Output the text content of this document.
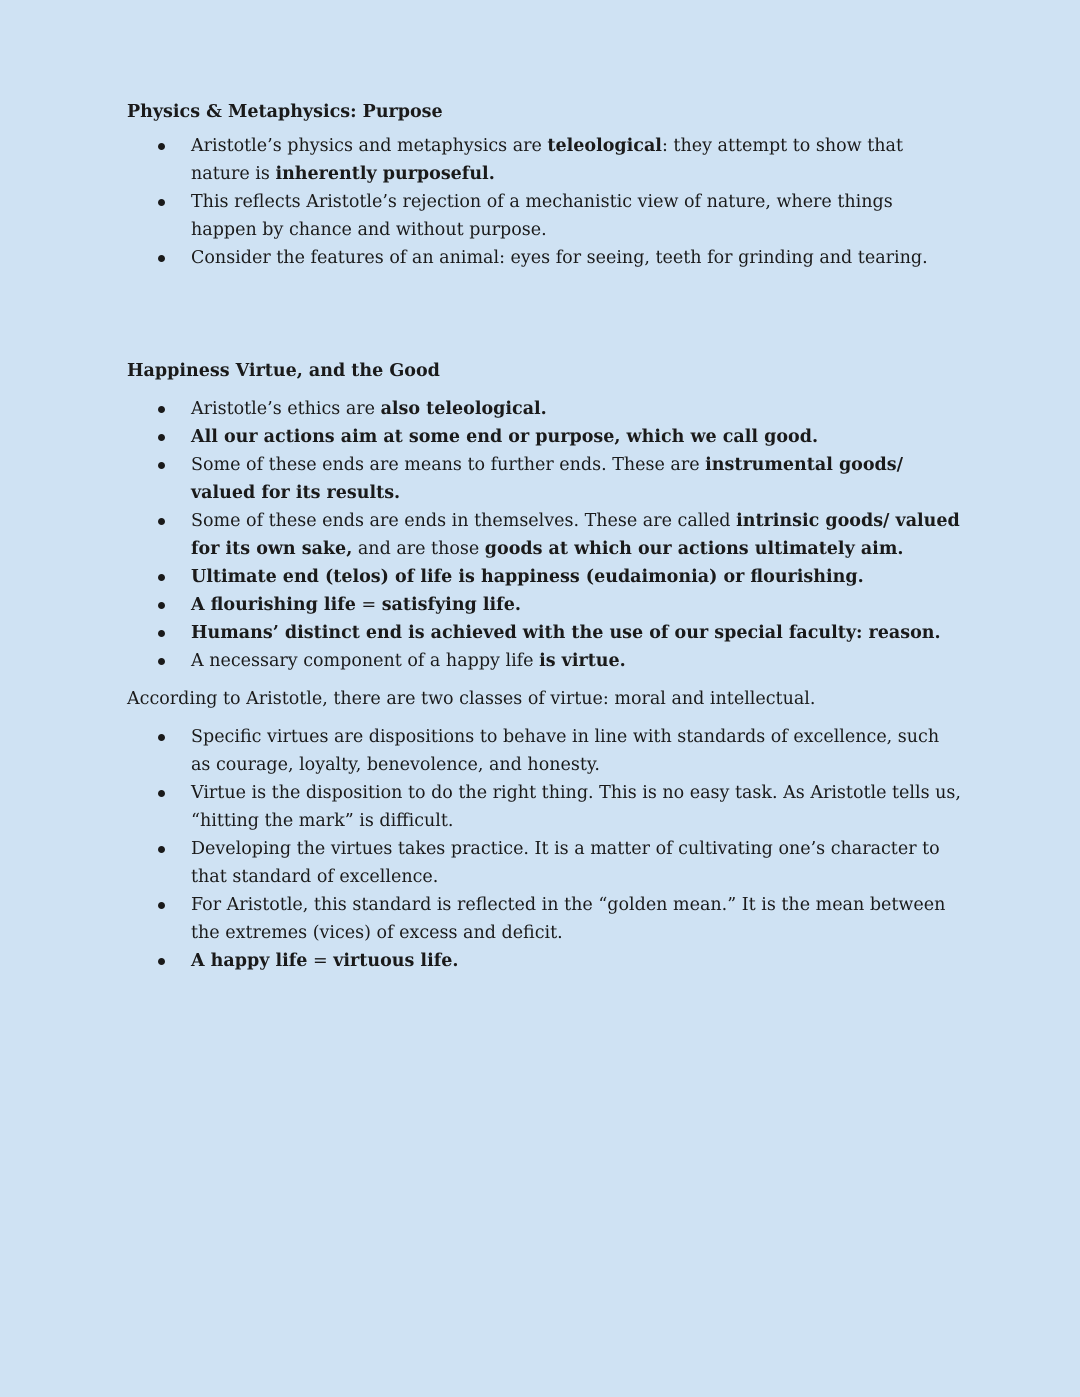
Physics & Metaphysics: Purpose

Aristotle’s physics and metaphysics are teleological: they attempt to show that nature is inherently purposeful.
This reflects Aristotle’s rejection of a mechanistic view of nature, where things happen by chance and without purpose.
Consider the features of an animal: eyes for seeing, teeth for grinding and tearing.

Happiness Virtue, and the Good

Aristotle’s ethics are also teleological.
All our actions aim at some end or purpose, which we call good.
Some of these ends are means to further ends. These are instrumental goods/ valued for its results.
Some of these ends are ends in themselves. These are called intrinsic goods/ valued for its own sake, and are those goods at which our actions ultimately aim.
Ultimate end (telos) of life is happiness (eudaimonia) or flourishing.
A flourishing life = satisfying life.
Humans’ distinct end is achieved with the use of our special faculty: reason.
A necessary component of a happy life is virtue.

According to Aristotle, there are two classes of virtue: moral and intellectual.

Specific virtues are dispositions to behave in line with standards of excellence, such as courage, loyalty, benevolence, and honesty.
Virtue is the disposition to do the right thing. This is no easy task. As Aristotle tells us, “hitting the mark” is difficult.
Developing the virtues takes practice. It is a matter of cultivating one’s character to that standard of excellence.
For Aristotle, this standard is reflected in the “golden mean.” It is the mean between the extremes (vices) of excess and deficit.
A happy life = virtuous life.
